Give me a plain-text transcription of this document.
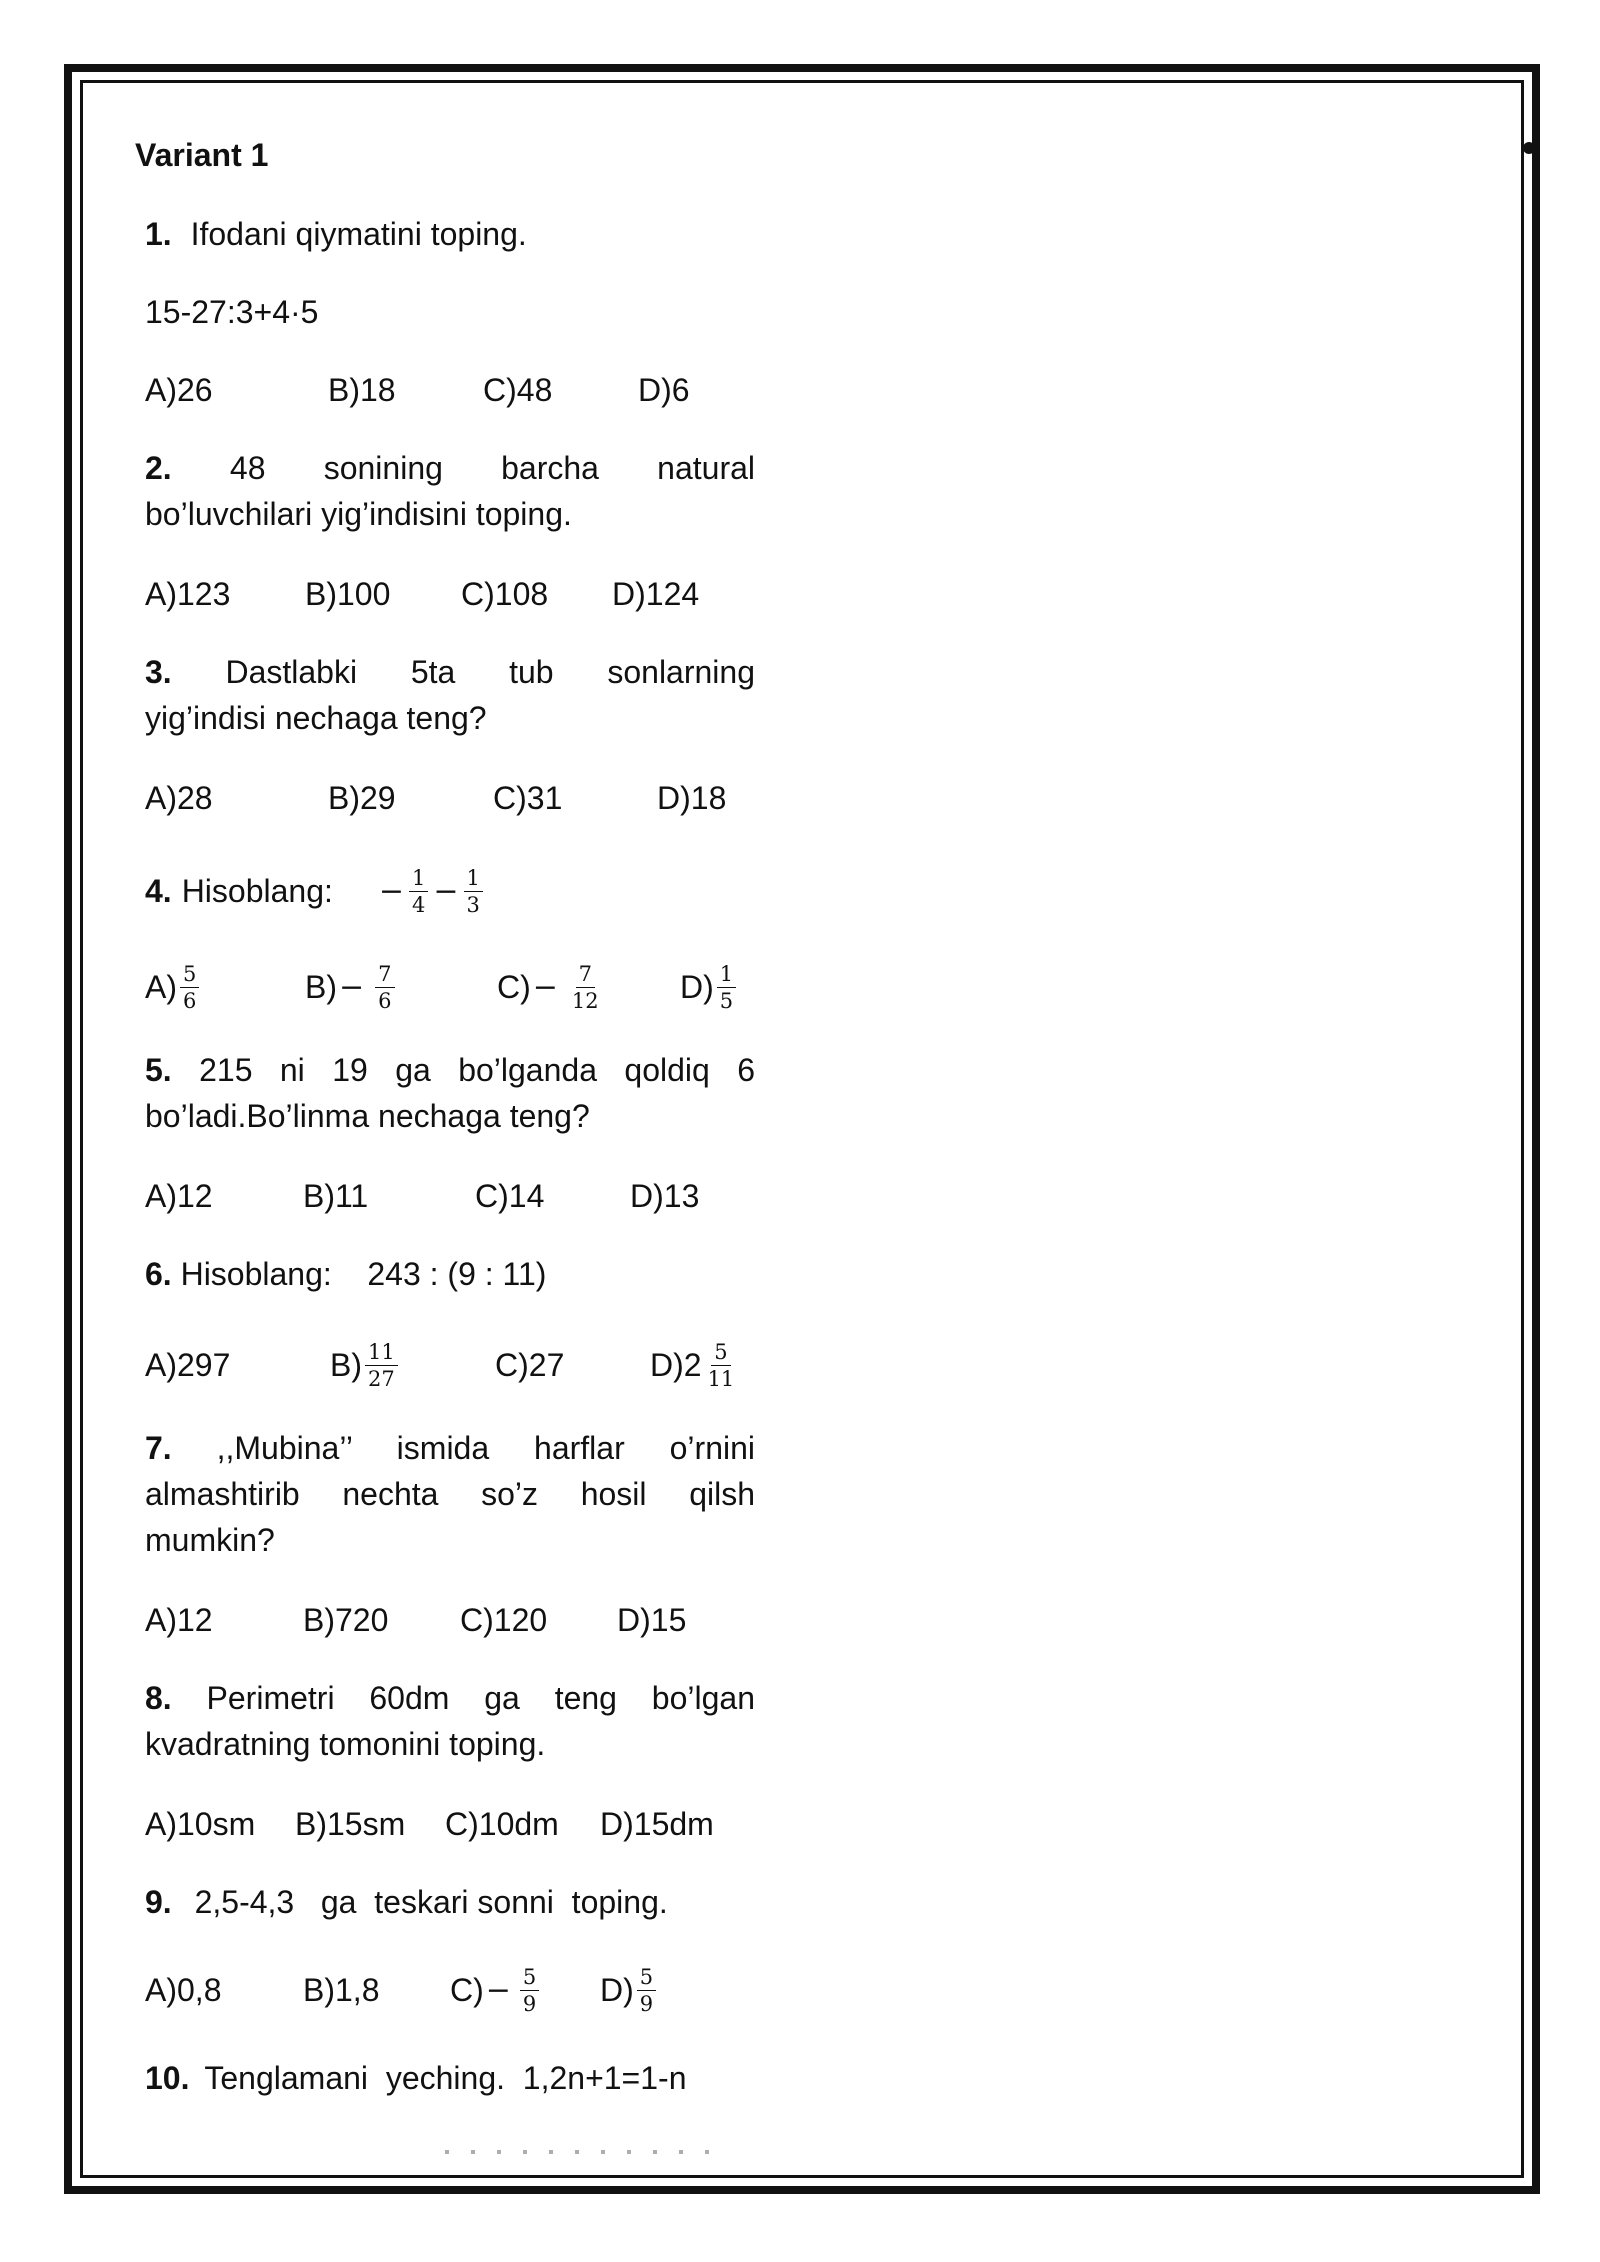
Variant 1
1. Ifodani qiymatini toping.
15-27:3+4·5
A)26	B)18	C)48	D)6
2. 48 sonining barcha natural
bo’luvchilari yig’indisini toping.
A)123 B)100 C)108 D)124
3. Dastlabki 5ta tub sonlarning
yig’indisi nechaga teng?
A)28	B)29	C)31	D)18
4. Hisoblang: − $\frac{1}{4} - \frac{1}{3}$
$A) \frac{5}{6}$	$B) - \frac{7}{6}$	$C) - \frac{7}{12} D) \frac{1}{5}$
5. 215 ni 19 ga bo’lganda qoldiq 6
bo’ladi.Bo’linma nechaga teng?
A)12	B)11	C)14	D)13
6. Hisoblang:    243 : (9 : 11)
A)297	$B) \frac{11}{27}$	C)27	$D)2 \frac{5}{11}$
7. ,,Mubina’’ ismida harflar o’rnini
almashtirib nechta so’z hosil qilsh
mumkin?
A)12	B)720 C)120 D)15
8. Perimetri 60dm ga teng bo’lgan
kvadratning tomonini toping.
A)10sm B)15sm C)10dm D)15dm
9. 2,5-4,3   ga  teskari sonni  toping.
A)0,8	B)1,8 $C) - \frac{5}{9} D) \frac{5}{9}$
10. Tenglamani  yeching.  1,2n+1=1-n
